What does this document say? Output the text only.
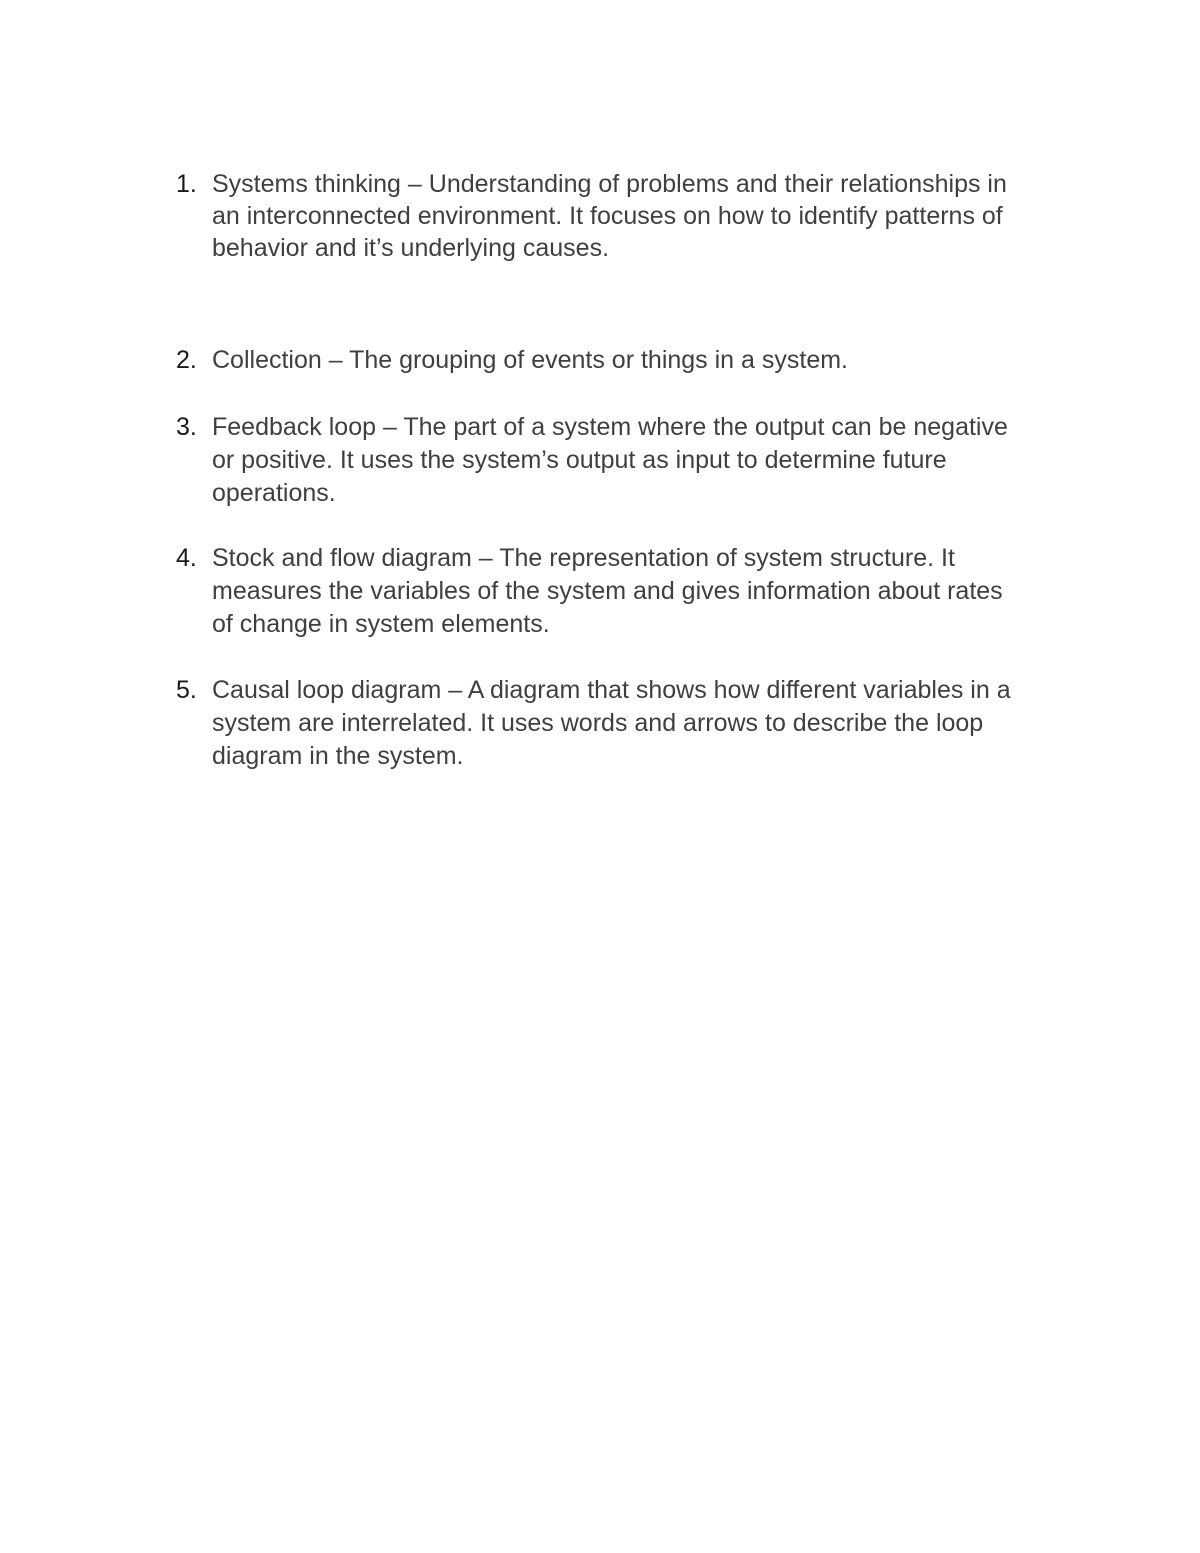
1. Systems thinking – Understanding of problems and their relationships in
an interconnected environment. It focuses on how to identify patterns of
behavior and it’s underlying causes.
2. Collection – The grouping of events or things in a system.
3. Feedback loop – The part of a system where the output can be negative
or positive. It uses the system’s output as input to determine future
operations.
4. Stock and flow diagram – The representation of system structure. It
measures the variables of the system and gives information about rates
of change in system elements.
5. Causal loop diagram – A diagram that shows how different variables in a
system are interrelated. It uses words and arrows to describe the loop
diagram in the system.
